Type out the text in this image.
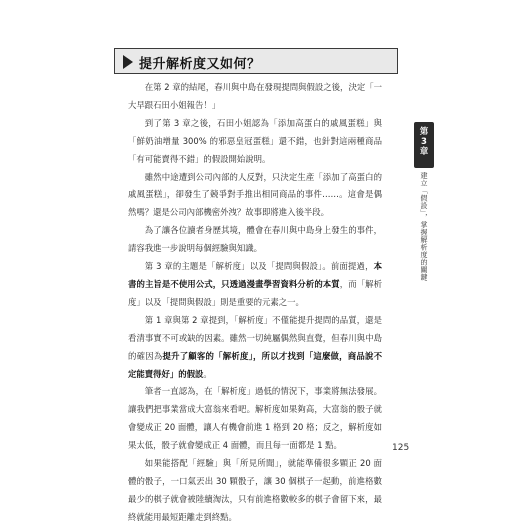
提升解析度又如何？

在第 2 章的結尾，春川與中島在發現提問與假設之後，決定「一大早跟石田小姐報告！」

到了第 3 章之後，石田小姐認為「添加高蛋白的戚風蛋糕」與「鮮奶油增量 300% 的邪惡皇冠蛋糕」還不錯，也針對這兩種商品「有可能賣得不錯」的假設開始說明。

雖然中途遭到公司內部的人反對，只決定生產「添加了高蛋白的戚風蛋糕」，卻發生了競爭對手推出相同商品的事件……。這會是偶然嗎？還是公司內部機密外洩？故事即將進入後半段。

為了讓各位讀者身歷其境，體會在春川與中島身上發生的事件，請容我進一步說明每個經驗與知識。

第 3 章的主題是「解析度」以及「提問與假設」。前面提過，本書的主旨是不使用公式，只透過漫畫學習資料分析的本質，而「解析度」以及「提問與假設」則是重要的元素之一。

第 1 章與第 2 章提到，「解析度」不僅能提升提問的品質，還是看清事實不可或缺的因素。雖然一切純屬偶然與直覺，但春川與中島的確因為提升了顧客的「解析度」，所以才找到「這麼做，商品說不定能賣得好」的假設。

筆者一直認為，在「解析度」過低的情況下，事業將無法發展。讓我們把事業當成大富翁來看吧。解析度如果夠高，大富翁的骰子就會變成正 20 面體，讓人有機會前進 1 格到 20 格；反之，解析度如果太低，骰子就會變成正 4 面體，而且每一面都是 1 點。

如果能搭配「經驗」與「所見所聞」，就能準備很多顆正 20 面體的骰子，一口氣丟出 30 顆骰子，讓 30 個棋子一起動，前進格數最少的棋子就會被陸續淘汰，只有前進格數較多的棋子會留下來，最終就能用最短距離走到終點。

第
3
章
建立「假設」，掌握解析度的關鍵
125
